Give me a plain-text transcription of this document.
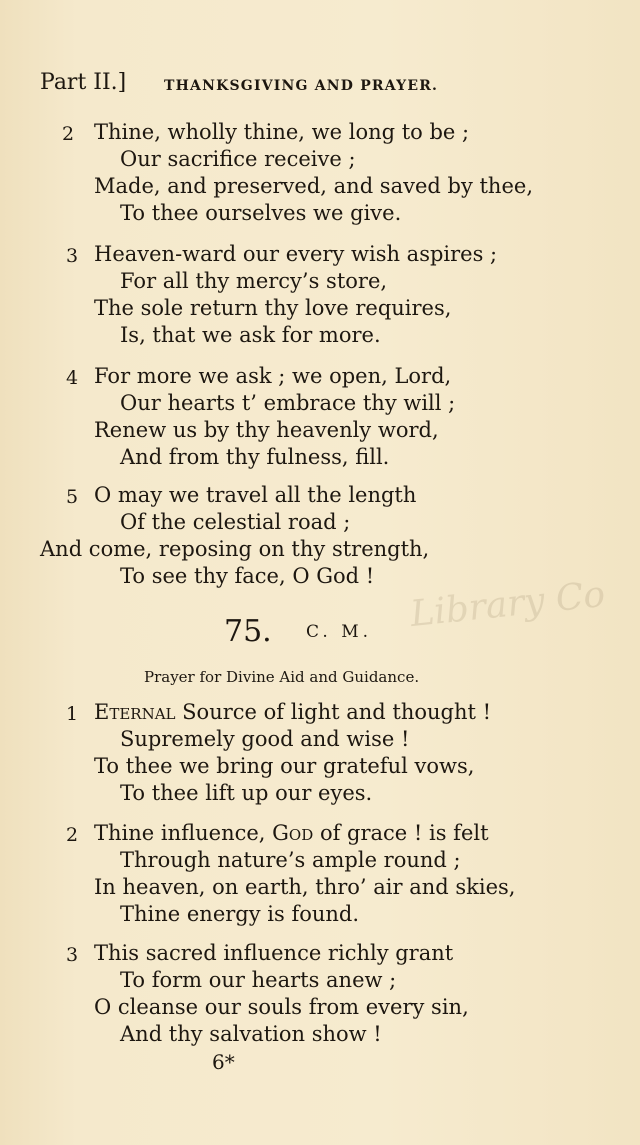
Part II.]	THANKSGIVING AND PRAYER.
2 Thine, wholly thine, we long to be ;
Our sacrifice receive ;
Made, and preserved, and saved by thee,
To thee ourselves we give.
3 Heaven-ward our every wish aspires ;
For all thy mercy’s store,
The sole return thy love requires,
Is, that we ask for more.
4 For more we ask ; we open, Lord,
Our hearts t’ embrace thy will ;
Renew us by thy heavenly word,
And from thy fulness, fill.
5 O may we travel all the length
Of the celestial road ;
And come, reposing on thy strength,
To see thy face, O God ! Library Co
75. C. M.
Prayer for Divine Aid and Guidance.
1 Eternal Source of light and thought !
Supremely good and wise !
To thee we bring our grateful vows,
To thee lift up our eyes.
2 Thine influence, God of grace ! is felt
Through nature’s ample round ;
In heaven, on earth, thro’ air and skies,
Thine energy is found.
3 This sacred influence richly grant
To form our hearts anew ;
O cleanse our souls from every sin,
And thy salvation show !
6*
